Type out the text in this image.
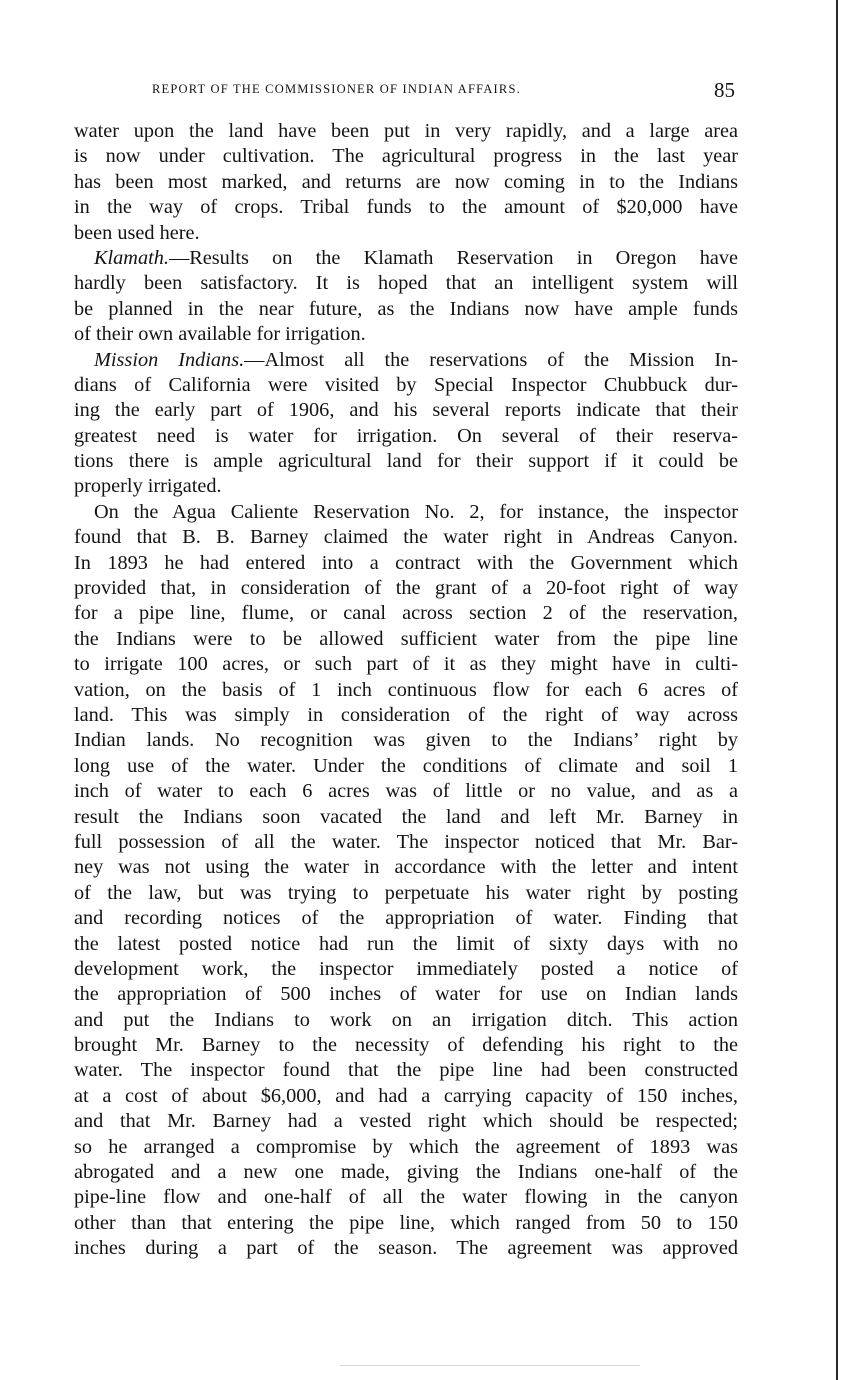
REPORT OF THE COMMISSIONER OF INDIAN AFFAIRS.	85
water upon the land have been put in very rapidly, and a large area
is now under cultivation. The agricultural progress in the last year
has been most marked, and returns are now coming in to the Indians
in the way of crops. Tribal funds to the amount of $20,000 have
been used here.
Klamath.—Results on the Klamath Reservation in Oregon have
hardly been satisfactory. It is hoped that an intelligent system will
be planned in the near future, as the Indians now have ample funds
of their own available for irrigation.
Mission Indians.—Almost all the reservations of the Mission In-
dians of California were visited by Special Inspector Chubbuck dur-
ing the early part of 1906, and his several reports indicate that their
greatest need is water for irrigation. On several of their reserva-
tions there is ample agricultural land for their support if it could be
properly irrigated.
On the Agua Caliente Reservation No. 2, for instance, the inspector
found that B. B. Barney claimed the water right in Andreas Canyon.
In 1893 he had entered into a contract with the Government which
provided that, in consideration of the grant of a 20-foot right of way
for a pipe line, flume, or canal across section 2 of the reservation,
the Indians were to be allowed sufficient water from the pipe line
to irrigate 100 acres, or such part of it as they might have in culti-
vation, on the basis of 1 inch continuous flow for each 6 acres of
land. This was simply in consideration of the right of way across
Indian lands. No recognition was given to the Indians’ right by
long use of the water. Under the conditions of climate and soil 1
inch of water to each 6 acres was of little or no value, and as a
result the Indians soon vacated the land and left Mr. Barney in
full possession of all the water. The inspector noticed that Mr. Bar-
ney was not using the water in accordance with the letter and intent
of the law, but was trying to perpetuate his water right by posting
and recording notices of the appropriation of water. Finding that
the latest posted notice had run the limit of sixty days with no
development work, the inspector immediately posted a notice of
the appropriation of 500 inches of water for use on Indian lands
and put the Indians to work on an irrigation ditch. This action
brought Mr. Barney to the necessity of defending his right to the
water. The inspector found that the pipe line had been constructed
at a cost of about $6,000, and had a carrying capacity of 150 inches,
and that Mr. Barney had a vested right which should be respected;
so he arranged a compromise by which the agreement of 1893 was
abrogated and a new one made, giving the Indians one-half of the
pipe-line flow and one-half of all the water flowing in the canyon
other than that entering the pipe line, which ranged from 50 to 150
inches during a part of the season. The agreement was approved
